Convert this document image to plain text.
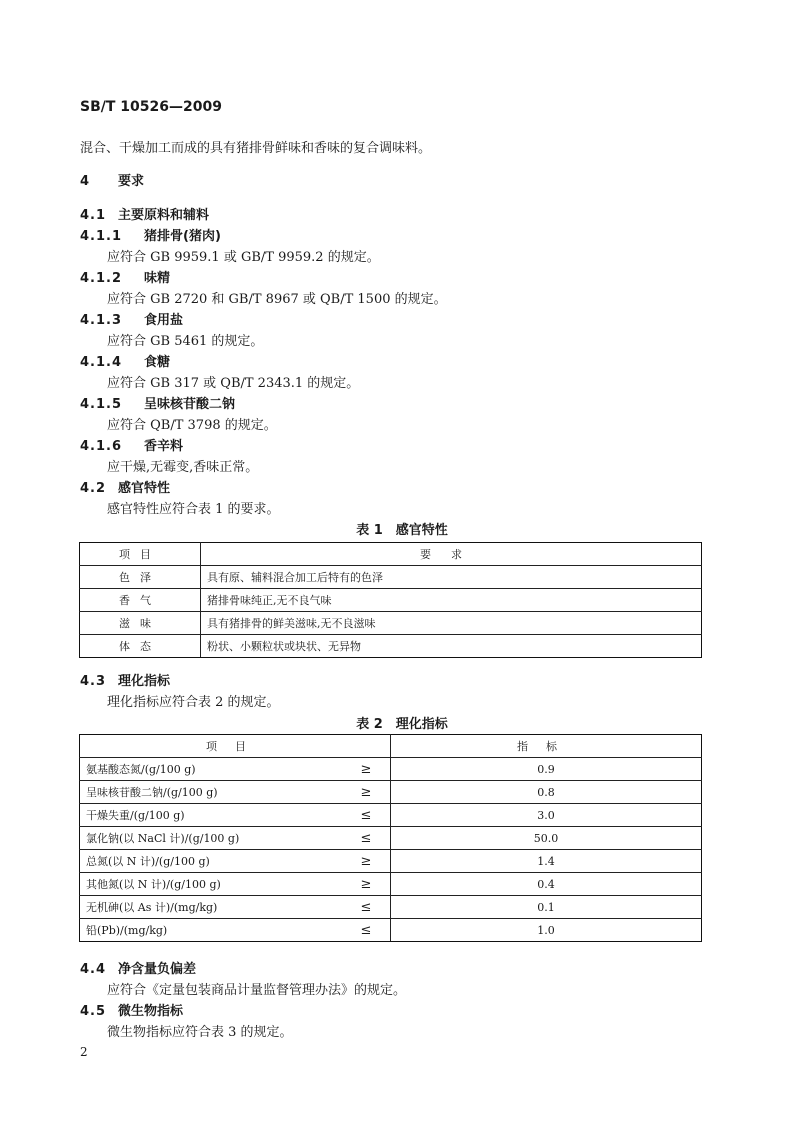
SB/T 10526—2009
混合、干燥加工而成的具有猪排骨鲜味和香味的复合调味料。
4 要求
4.1 主要原料和辅料
4.1.1 猪排骨(猪肉)
应符合 GB 9959.1 或 GB/T 9959.2 的规定。
4.1.2 味精
应符合 GB 2720 和 GB/T 8967 或 QB/T 1500 的规定。
4.1.3 食用盐
应符合 GB 5461 的规定。
4.1.4 食糖
应符合 GB 317 或 QB/T 2343.1 的规定。
4.1.5 呈味核苷酸二钠
应符合 QB/T 3798 的规定。
4.1.6 香辛料
应干燥,无霉变,香味正常。
4.2 感官特性
感官特性应符合表 1 的要求。
表 1　感官特性
项目	要求
色泽	具有原、辅料混合加工后特有的色泽
香气	猪排骨味纯正,无不良气味
滋味	具有猪排骨的鲜美滋味,无不良滋味
体态	粉状、小颗粒状或块状、无异物
4.3 理化指标
理化指标应符合表 2 的规定。
表 2　理化指标
项目		指标
氨基酸态氮/(g/100 g)	≥	0.9
呈味核苷酸二钠/(g/100 g)	≥	0.8
干燥失重/(g/100 g)	≤	3.0
氯化钠(以 NaCl 计)/(g/100 g)	≤	50.0
总氮(以 N 计)/(g/100 g)	≥	1.4
其他氮(以 N 计)/(g/100 g)	≥	0.4
无机砷(以 As 计)/(mg/kg)	≤	0.1
铅(Pb)/(mg/kg)	≤	1.0
4.4 净含量负偏差
应符合《定量包装商品计量监督管理办法》的规定。
4.5 微生物指标
微生物指标应符合表 3 的规定。
2
